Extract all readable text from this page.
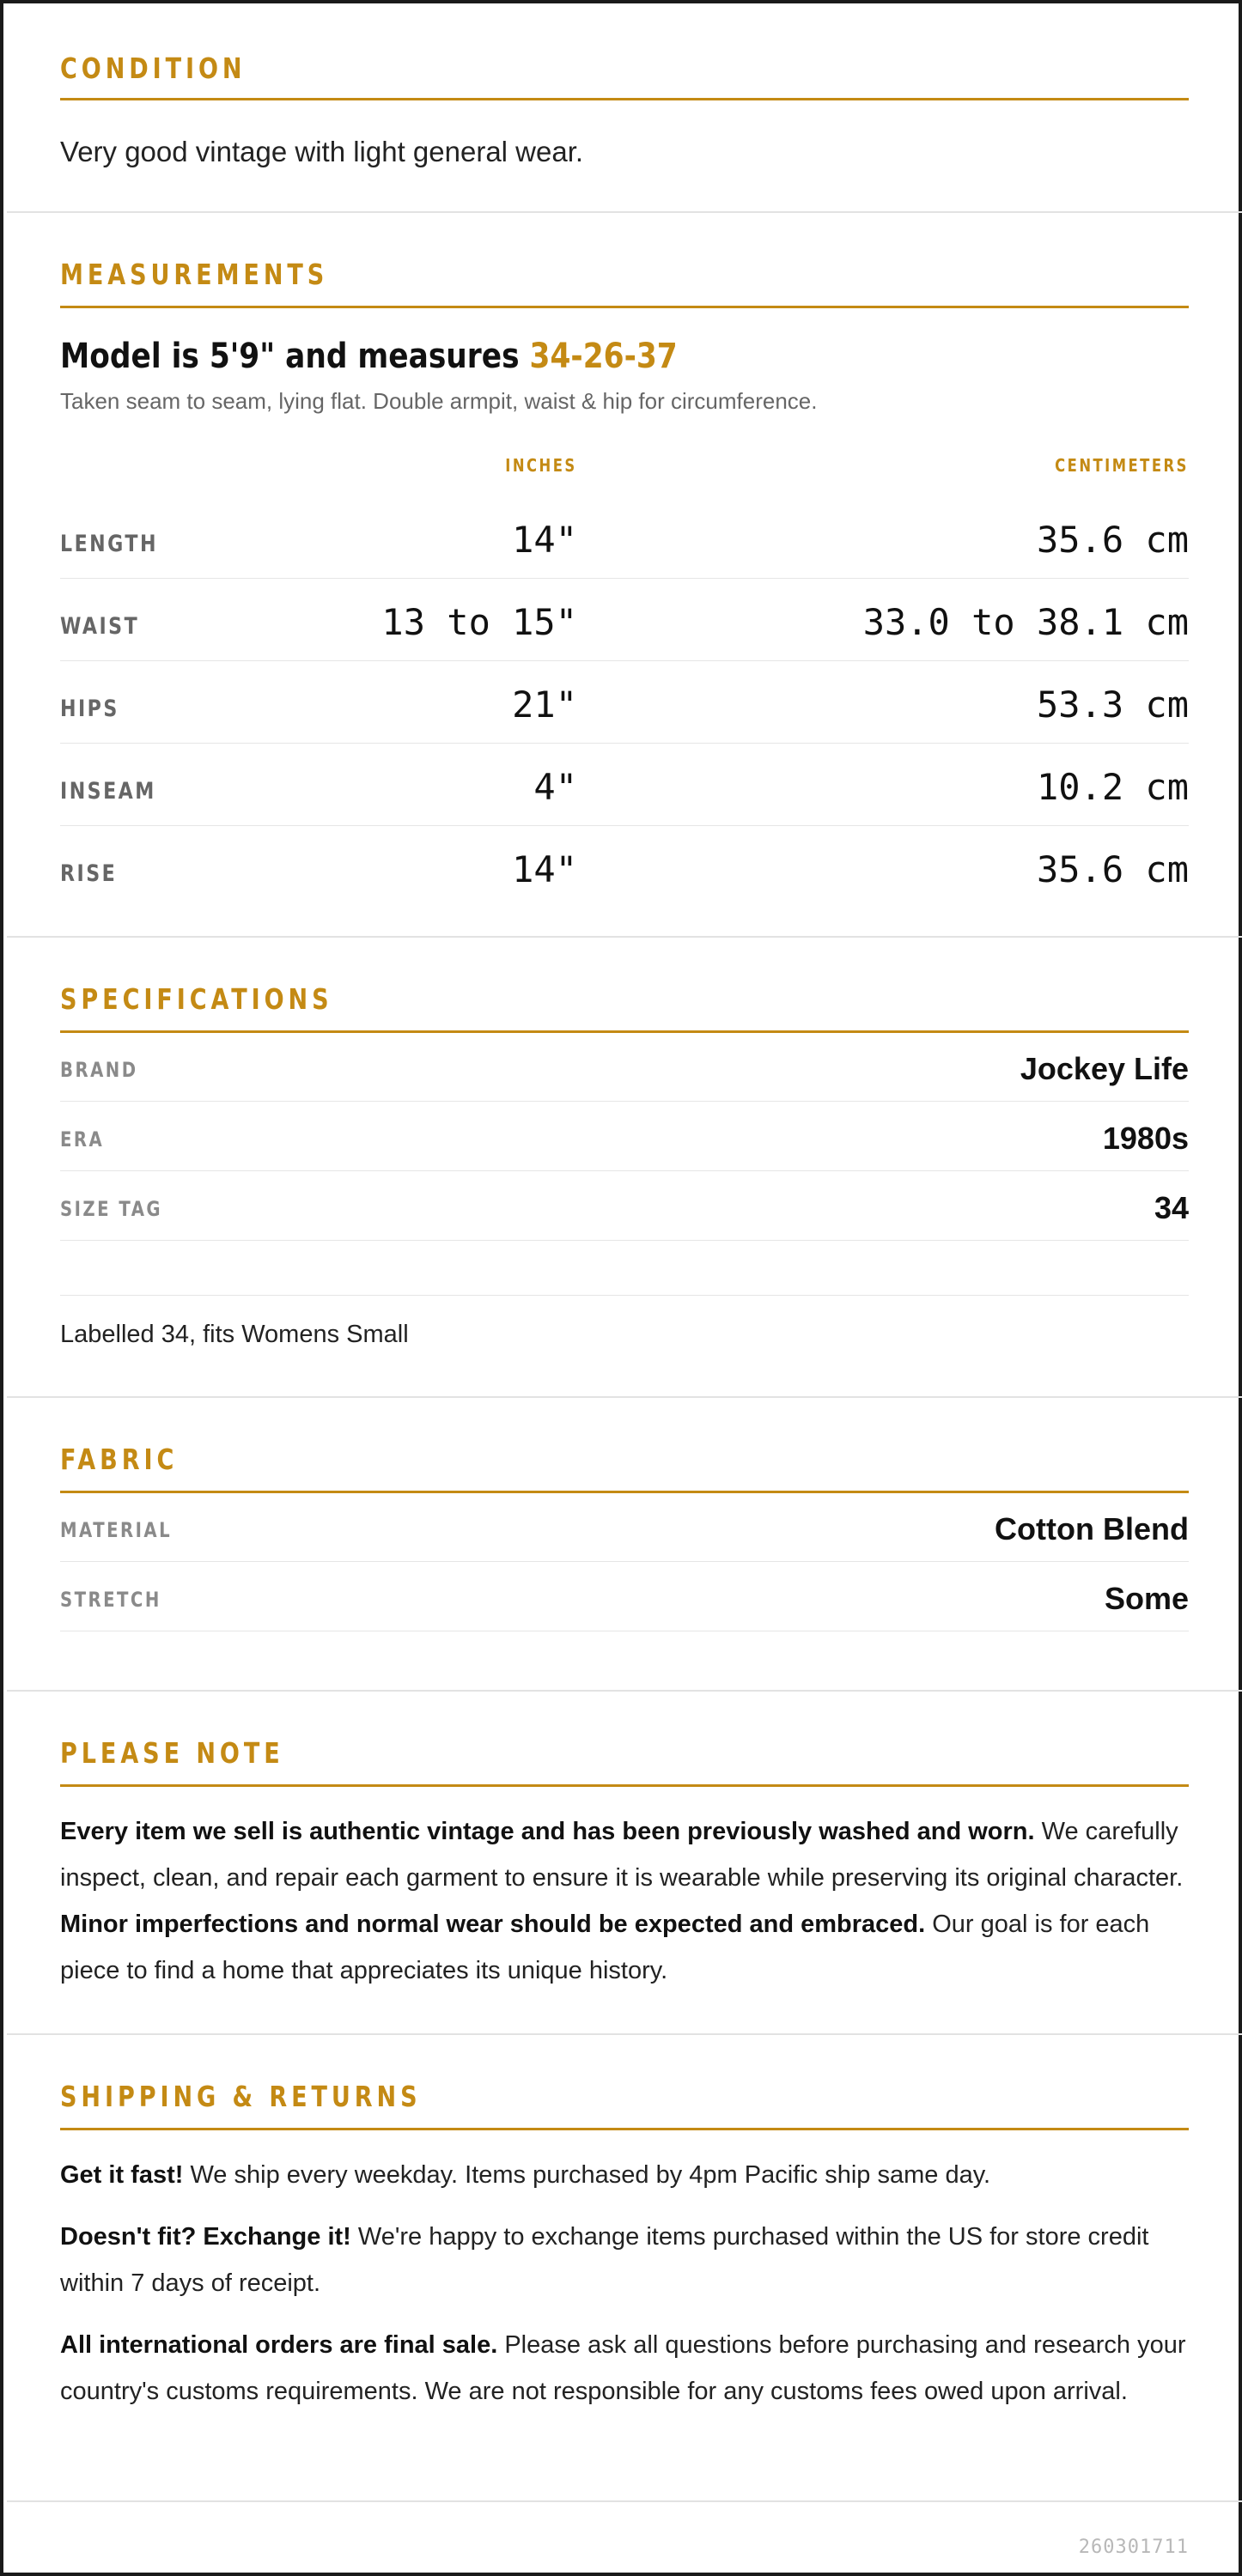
CONDITION
Very good vintage with light general wear.
MEASUREMENTS
Model is 5'9" and measures 34-26-37
Taken seam to seam, lying flat. Double armpit, waist & hip for circumference.
INCHES	CENTIMETERS
LENGTH	14"	35.6 cm
WAIST	13 to 15"	33.0 to 38.1 cm
HIPS	21"	53.3 cm
INSEAM	4"	10.2 cm
RISE	14"	35.6 cm
SPECIFICATIONS
BRAND	Jockey Life
ERA	1980s
SIZE TAG	34
Labelled 34, fits Womens Small
FABRIC
MATERIAL	Cotton Blend
STRETCH	Some
PLEASE NOTE
Every item we sell is authentic vintage and has been previously washed and worn. We carefully inspect, clean, and repair each garment to ensure it is wearable while preserving its original character. Minor imperfections and normal wear should be expected and embraced. Our goal is for each piece to find a home that appreciates its unique history.
SHIPPING & RETURNS
Get it fast! We ship every weekday. Items purchased by 4pm Pacific ship same day.
Doesn't fit? Exchange it! We're happy to exchange items purchased within the US for store credit within 7 days of receipt.
All international orders are final sale. Please ask all questions before purchasing and research your country's customs requirements. We are not responsible for any customs fees owed upon arrival.
260301711
